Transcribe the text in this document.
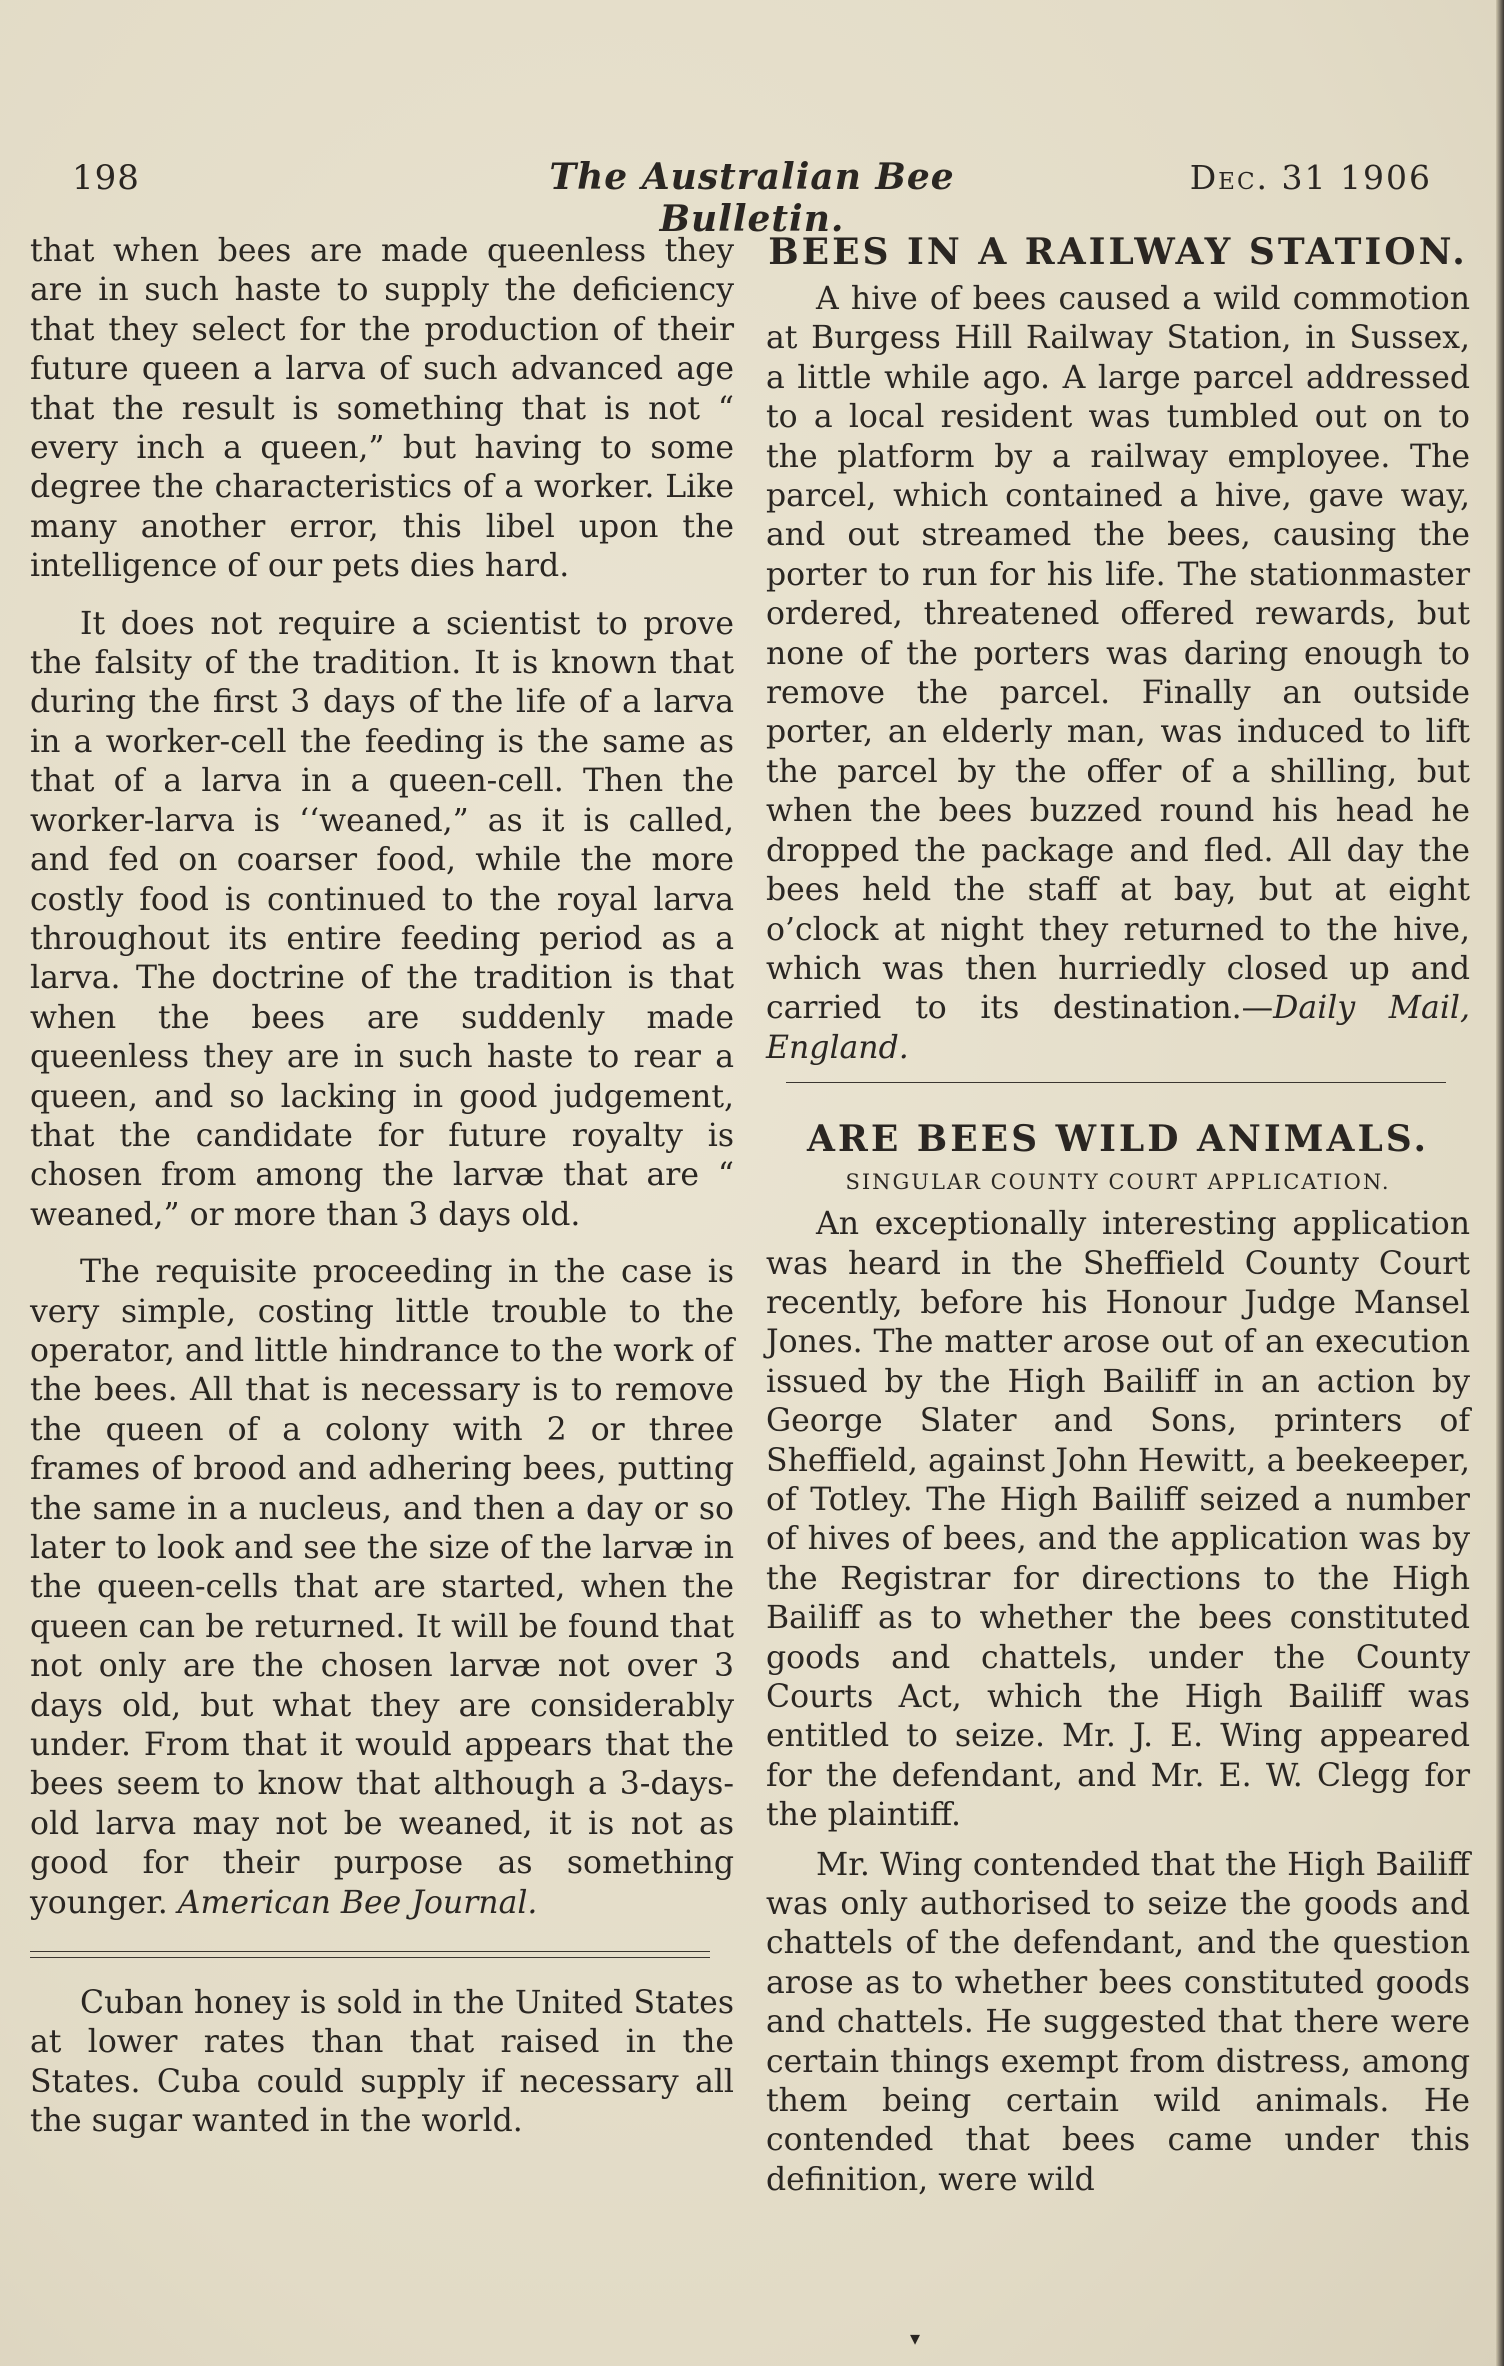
198	The Australian Bee Bulletin.
Dec. 31 1906

that when bees are made queenless they are in such haste to supply the deficiency that they select for the production of their future queen a larva of such advanced age that the result is something that is not “ every inch a queen,” but having to some degree the characteristics of a worker. Like many another error, this libel upon the intelligence of our pets dies hard.

It does not require a scientist to prove the falsity of the tradition. It is known that during the first 3 days of the life of a larva in a worker-cell the feeding is the same as that of a larva in a queen-cell. Then the worker-larva is ‘‘weaned,” as it is called, and fed on coarser food, while the more costly food is continued to the royal larva throughout its entire feeding period as a larva. The doctrine of the tradition is that when the bees are suddenly made queenless they are in such haste to rear a queen, and so lacking in good judgement, that the candidate for future royalty is chosen from among the larvæ that are “ weaned,” or more than 3 days old.

The requisite proceeding in the case is very simple, costing little trouble to the operator, and little hindrance to the work of the bees. All that is necessary is to remove the queen of a colony with 2 or three frames of brood and adhering bees, putting the same in a nucleus, and then a day or so later to look and see the size of the larvæ in the queen-cells that are started, when the queen can be returned. It will be found that not only are the chosen larvæ not over 3 days old, but what they are considerably under. From that it would appears that the bees seem to know that although a 3-days-old larva may not be weaned, it is not as good for their purpose as something younger. American Bee Journal.

Cuban honey is sold in the United States at lower rates than that raised in the States. Cuba could supply if necessary all the sugar wanted in the world.

BEES IN A RAILWAY STATION.

A hive of bees caused a wild commotion at Burgess Hill Railway Station, in Sussex, a little while ago. A large parcel addressed to a local resident was tumbled out on to the platform by a railway employee. The parcel, which contained a hive, gave way, and out streamed the bees, causing the porter to run for his life. The stationmaster ordered, threatened offered rewards, but none of the porters was daring enough to remove the parcel. Finally an outside porter, an elderly man, was induced to lift the parcel by the offer of a shilling, but when the bees buzzed round his head he dropped the package and fled. All day the bees held the staff at bay, but at eight o’clock at night they returned to the hive, which was then hurriedly closed up and carried to its destination.—Daily Mail, England.

ARE BEES WILD ANIMALS.
SINGULAR COUNTY COURT APPLICATION.

An exceptionally interesting application was heard in the Sheffield County Court recently, before his Honour Judge Mansel Jones. The matter arose out of an execution issued by the High Bailiff in an action by George Slater and Sons, printers of Sheffield, against John Hewitt, a beekeeper, of Totley. The High Bailiff seized a number of hives of bees, and the application was by the Registrar for directions to the High Bailiff as to whether the bees constituted goods and chattels, under the County Courts Act, which the High Bailiff was entitled to seize. Mr. J. E. Wing appeared for the defendant, and Mr. E. W. Clegg for the plaintiff.

Mr. Wing contended that the High Bailiff was only authorised to seize the goods and chattels of the defendant, and the question arose as to whether bees constituted goods and chattels. He suggested that there were certain things exempt from distress, among them being certain wild animals. He contended that bees came under this definition, were wild

▾
